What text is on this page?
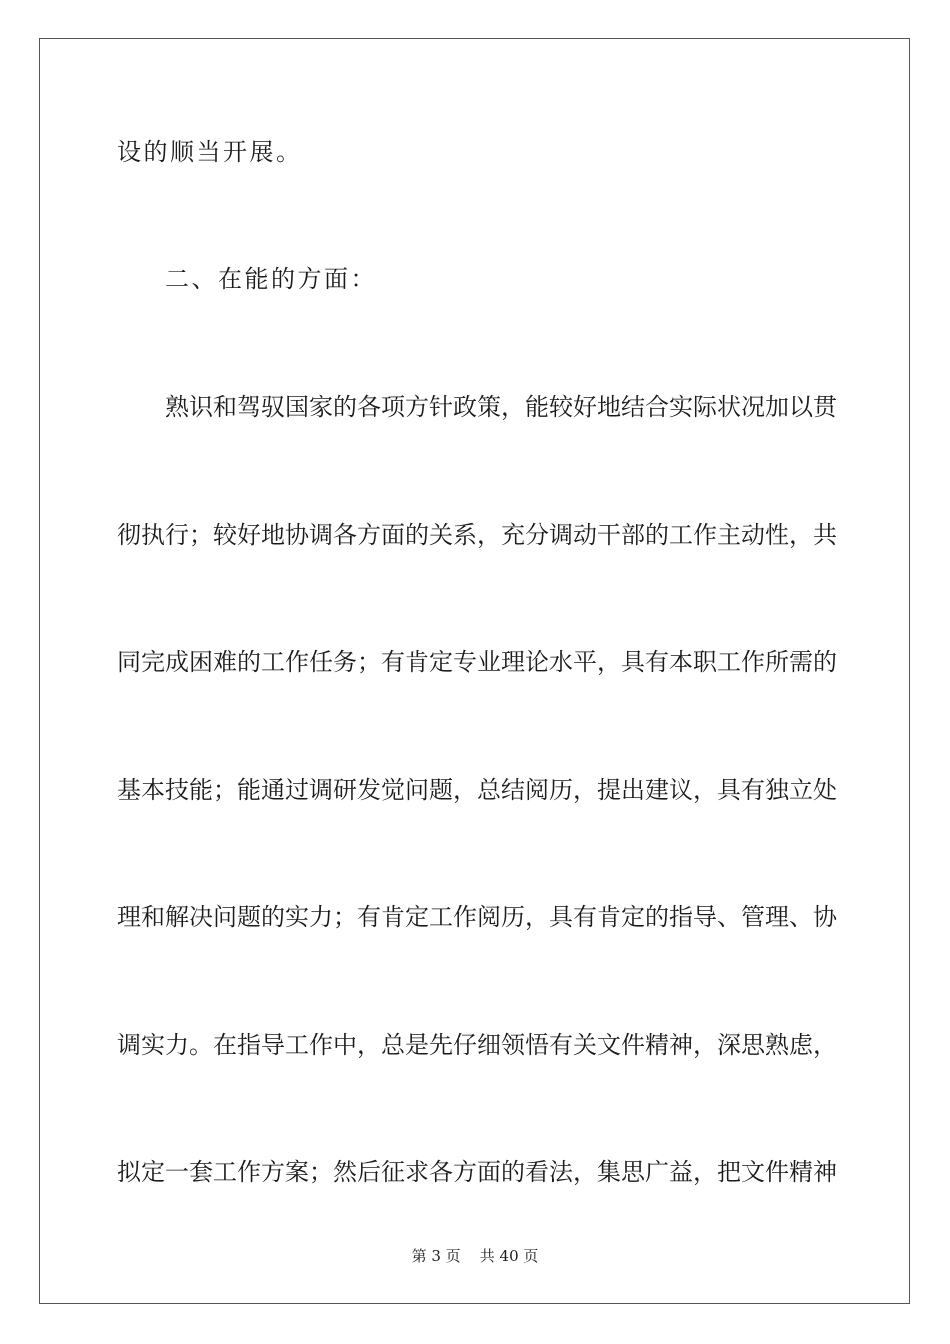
设的顺当开展。
二、在能的方面：
熟识和驾驭国家的各项方针政策，能较好地结合实际状况加以贯
彻执行；较好地协调各方面的关系，充分调动干部的工作主动性，共
同完成困难的工作任务；有肯定专业理论水平，具有本职工作所需的
基本技能；能通过调研发觉问题，总结阅历，提出建议，具有独立处
理和解决问题的实力；有肯定工作阅历，具有肯定的指导、管理、协
调实力。在指导工作中，总是先仔细领悟有关文件精神，深思熟虑，
拟定一套工作方案；然后征求各方面的看法，集思广益，把文件精神
第 3 页 共 40 页
